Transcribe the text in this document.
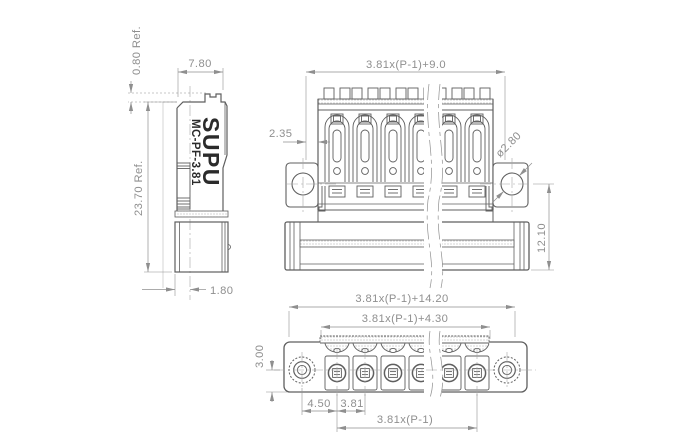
SUPU
MC-PF-3.81
0.80 Ref.	7.80
23.70 Ref.
1.80
3.81x(P-1)+9.0
2.35	ø2.80
12.10
3.81x(P-1)+14.20
3.81x(P-1)+4.30
3.00
4.50 3.81
3.81x(P-1)
